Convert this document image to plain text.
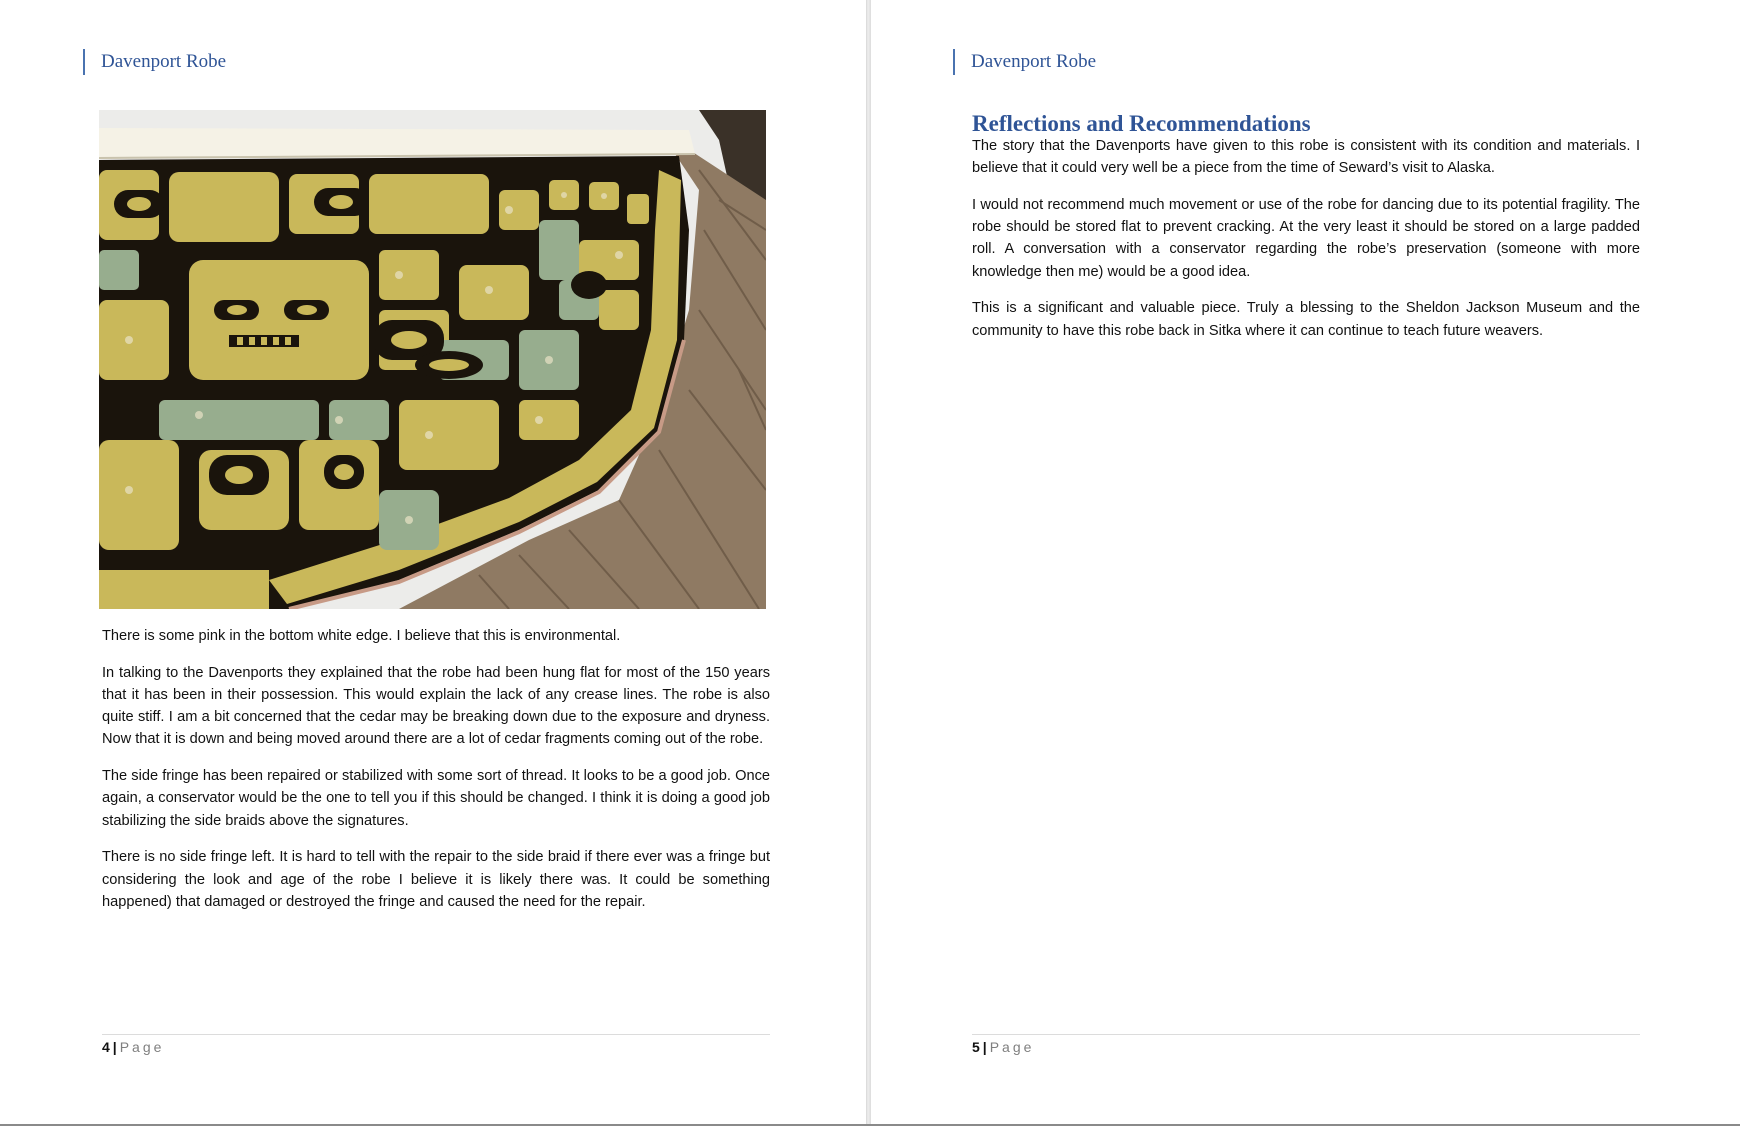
Davenport Robe

There is some pink in the bottom white edge. I believe that this is environmental.

In talking to the Davenports they explained that the robe had been hung flat for most of the 150 years that it has been in their possession. This would explain the lack of any crease lines. The robe is also quite stiff. I am a bit concerned that the cedar may be breaking down due to the exposure and dryness. Now that it is down and being moved around there are a lot of cedar fragments coming out of the robe.

The side fringe has been repaired or stabilized with some sort of thread. It looks to be a good job. Once again, a conservator would be the one to tell you if this should be changed. I think it is doing a good job stabilizing the side braids above the signatures.

There is no side fringe left. It is hard to tell with the repair to the side braid if there ever was a fringe but considering the look and age of the robe I believe it is likely there was. It could be something happened) that damaged or destroyed the fringe and caused the need for the repair.

4 | Page
Davenport Robe
Reflections and Recommendations

The story that the Davenports have given to this robe is consistent with its condition and materials. I believe that it could very well be a piece from the time of Seward’s visit to Alaska.

I would not recommend much movement or use of the robe for dancing due to its potential fragility. The robe should be stored flat to prevent cracking. At the very least it should be stored on a large padded roll. A conversation with a conservator regarding the robe’s preservation (someone with more knowledge then me) would be a good idea.

This is a significant and valuable piece. Truly a blessing to the Sheldon Jackson Museum and the community to have this robe back in Sitka where it can continue to teach future weavers.

5 | Page
